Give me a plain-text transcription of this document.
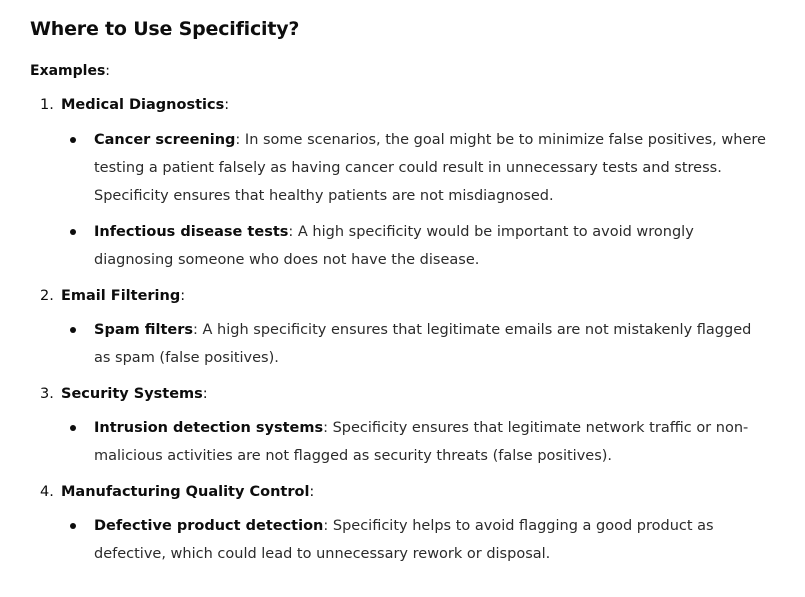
Where to Use Specificity?
Examples:
1. Medical Diagnostics:
Cancer screening: In some scenarios, the goal might be to minimize false positives, where testing a patient falsely as having cancer could result in unnecessary tests and stress. Specificity ensures that healthy patients are not misdiagnosed.
Infectious disease tests: A high specificity would be important to avoid wrongly diagnosing someone who does not have the disease.
2. Email Filtering:
Spam filters: A high specificity ensures that legitimate emails are not mistakenly flagged as spam (false positives).
3. Security Systems:
Intrusion detection systems: Specificity ensures that legitimate network traffic or non-malicious activities are not flagged as security threats (false positives).
4. Manufacturing Quality Control:
Defective product detection: Specificity helps to avoid flagging a good product as defective, which could lead to unnecessary rework or disposal.
